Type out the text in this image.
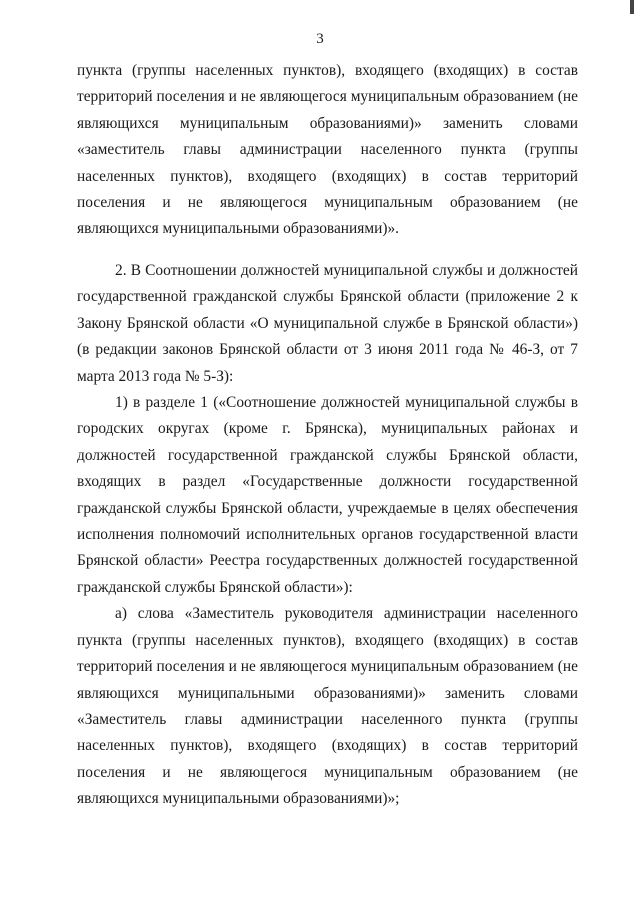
3

пункта (группы населенных пунктов), входящего (входящих) в состав территорий поселения и не являющегося муниципальным образованием (не являющихся муниципальным образованиями)» заменить словами «заместитель главы администрации населенного пункта (группы населенных пунктов), входящего (входящих) в состав территорий поселения и не являющегося муниципальным образованием (не являющихся муниципальными образованиями)».

2. В Соотношении должностей муниципальной службы и должностей государственной гражданской службы Брянской области (приложение 2 к Закону Брянской области «О муниципальной службе в Брянской области») (в редакции законов Брянской области от 3 июня 2011 года № 46-З, от 7 марта 2013 года № 5-З):

1) в разделе 1 («Соотношение должностей муниципальной службы в городских округах (кроме г. Брянска), муниципальных районах и должностей государственной гражданской службы Брянской области, входящих в раздел «Государственные должности государственной гражданской службы Брянской области, учреждаемые в целях обеспечения исполнения полномочий исполнительных органов государственной власти Брянской области» Реестра государственных должностей государственной гражданской службы Брянской области»):

а) слова «Заместитель руководителя администрации населенного пункта (группы населенных пунктов), входящего (входящих) в состав территорий поселения и не являющегося муниципальным образованием (не являющихся муниципальными образованиями)» заменить словами «Заместитель главы администрации населенного пункта (группы населенных пунктов), входящего (входящих) в состав территорий поселения и не являющегося муниципальным образованием (не являющихся муниципальными образованиями)»;
